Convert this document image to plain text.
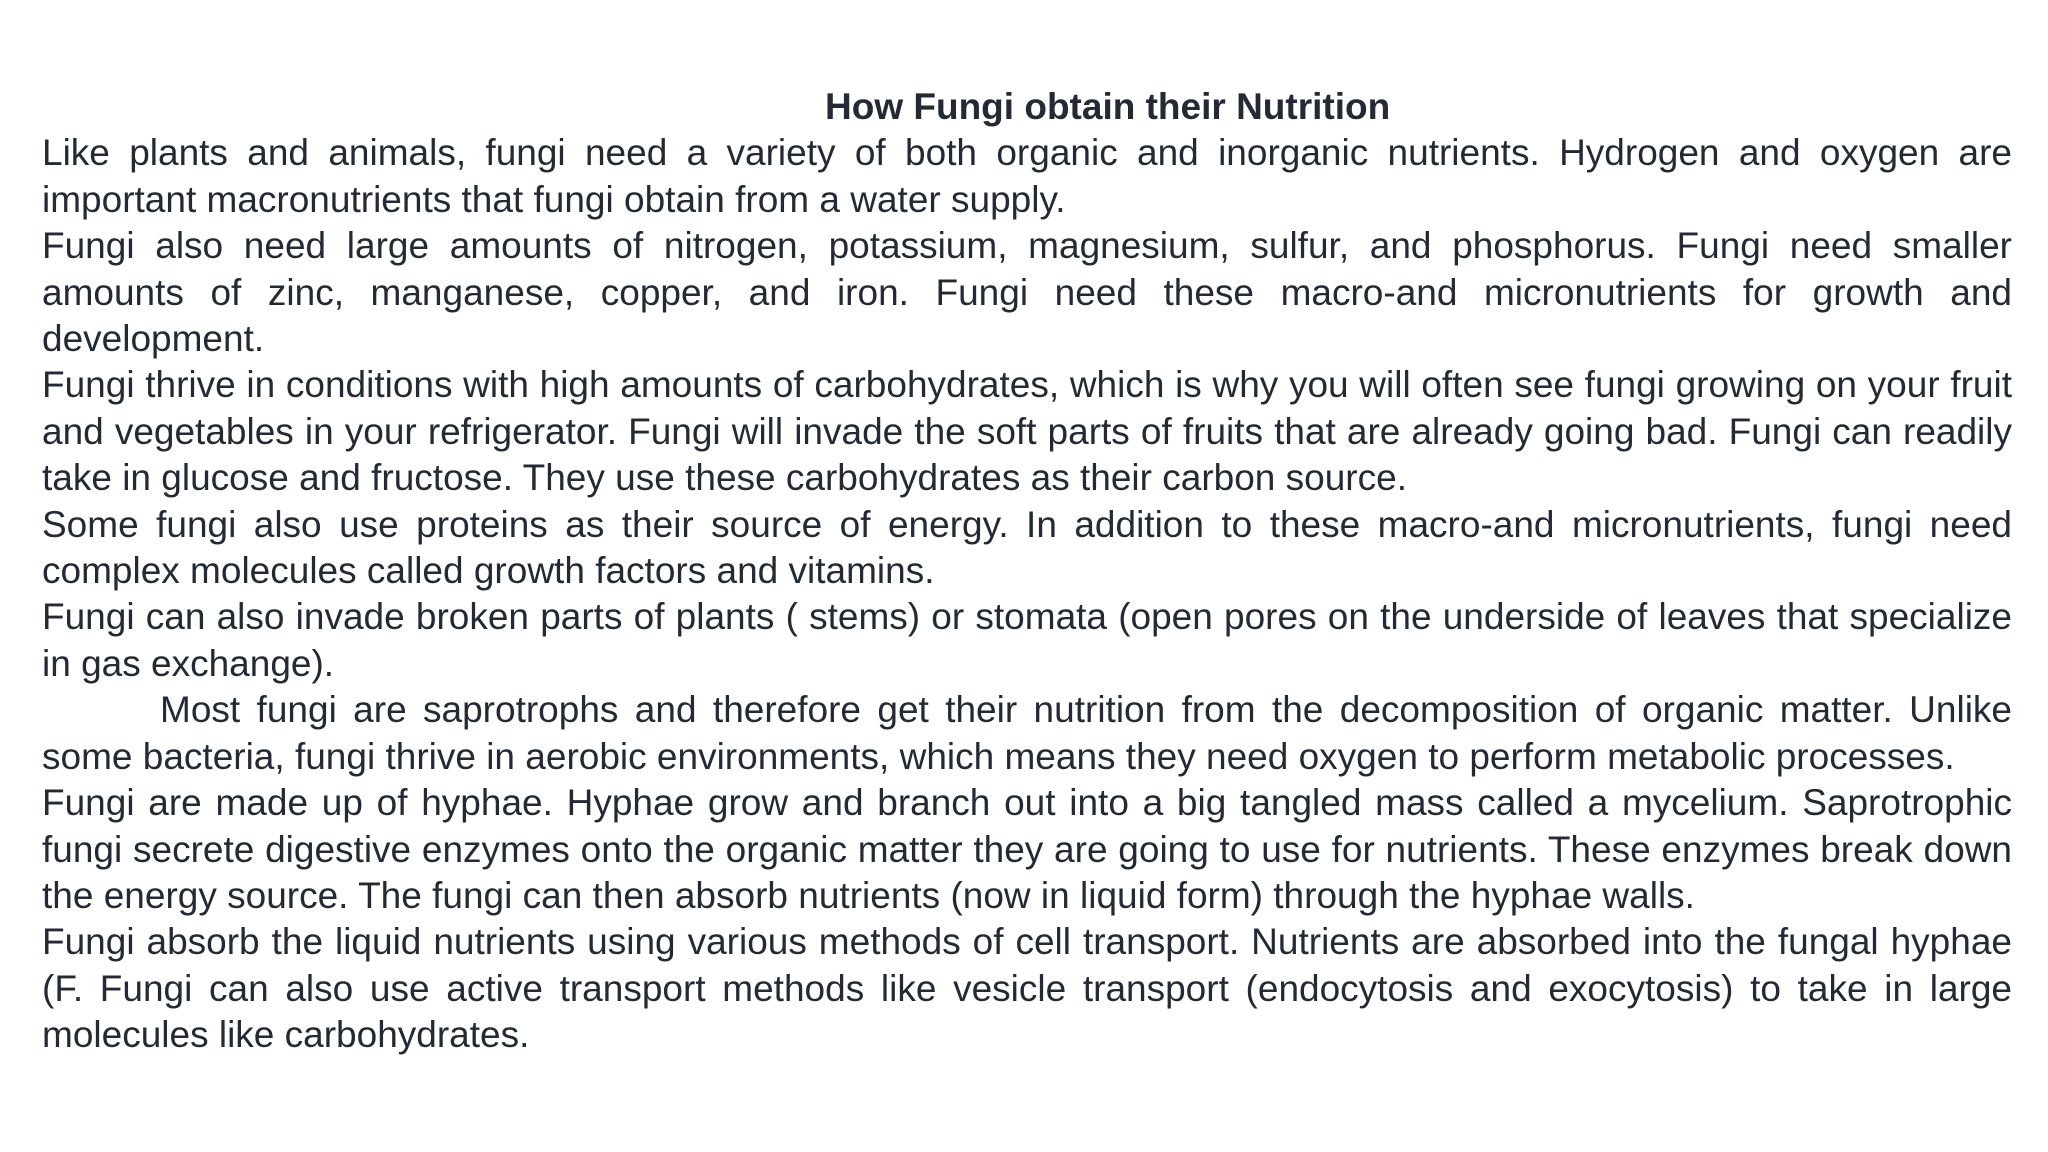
How Fungi obtain their Nutrition

Like plants and animals, fungi need a variety of both organic and inorganic nutrients. Hydrogen and oxygen are important macronutrients that fungi obtain from a water supply.

Fungi also need large amounts of nitrogen, potassium, magnesium, sulfur, and phosphorus. Fungi need smaller amounts of zinc, manganese, copper, and iron. Fungi need these macro-and micronutrients for growth and development.

Fungi thrive in conditions with high amounts of carbohydrates, which is why you will often see fungi growing on your fruit and vegetables in your refrigerator. Fungi will invade the soft parts of fruits that are already going bad. Fungi can readily take in glucose and fructose. They use these carbohydrates as their carbon source.

Some fungi also use proteins as their source of energy. In addition to these macro-and micronutrients, fungi need complex molecules called growth factors and vitamins.

Fungi can also invade broken parts of plants ( stems) or stomata (open pores on the underside of leaves that specialize in gas exchange).

Most fungi are saprotrophs and therefore get their nutrition from the decomposition of organic matter. Unlike some bacteria, fungi thrive in aerobic environments, which means they need oxygen to perform metabolic processes.

Fungi are made up of hyphae. Hyphae grow and branch out into a big tangled mass called a mycelium. Saprotrophic fungi secrete digestive enzymes onto the organic matter they are going to use for nutrients. These enzymes break down the energy source. The fungi can then absorb nutrients (now in liquid form) through the hyphae walls.

Fungi absorb the liquid nutrients using various methods of cell transport. Nutrients are absorbed into the fungal hyphae (F. Fungi can also use active transport methods like vesicle transport (endocytosis and exocytosis) to take in large molecules like carbohydrates.
